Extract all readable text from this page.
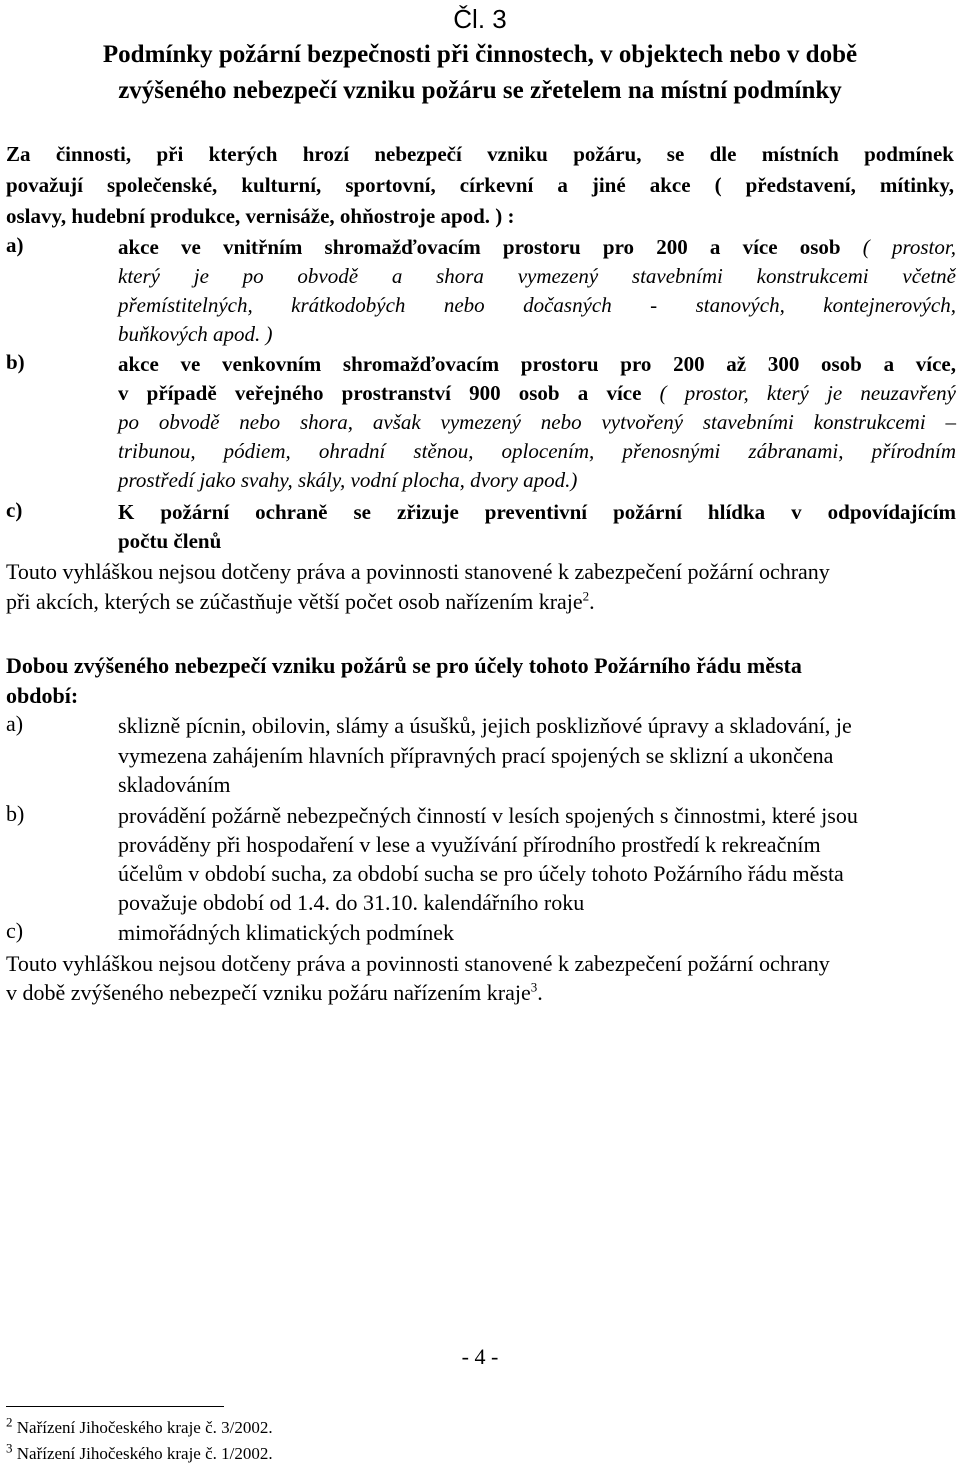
Čl. 3
Podmínky požární bezpečnosti při činnostech, v objektech nebo v době
zvýšeného nebezpečí vzniku požáru se zřetelem na místní podmínky
Za činnosti, při kterých hrozí nebezpečí vzniku požáru, se dle místních podmínek
považují společenské, kulturní, sportovní, církevní a jiné akce ( představení, mítinky,
oslavy, hudební produkce, vernisáže, ohňostroje apod. ) :
a)	akce ve vnitřním shromažďovacím prostoru pro 200 a více osob ( prostor,
který je po obvodě a shora vymezený stavebními konstrukcemi včetně
přemístitelných, krátkodobých nebo dočasných - stanových, kontejnerových,
buňkových apod. )
b)	akce ve venkovním shromažďovacím prostoru pro 200 až 300 osob a více,
v případě veřejného prostranství 900 osob a více ( prostor, který je neuzavřený
po obvodě nebo shora, avšak vymezený nebo vytvořený stavebními konstrukcemi –
tribunou, pódiem, ohradní stěnou, oplocením, přenosnými zábranami, přírodním
prostředí jako svahy, skály, vodní plocha, dvory apod.)
c)	K požární ochraně se zřizuje preventivní požární hlídka v odpovídajícím
počtu členů
Touto vyhláškou nejsou dotčeny práva a povinnosti stanovené k zabezpečení požární ochrany
při akcích, kterých se zúčastňuje větší počet osob nařízením kraje$^2$.
Dobou zvýšeného nebezpečí vzniku požárů se pro účely tohoto Požárního řádu města
období:
a)	sklizně pícnin, obilovin, slámy a úsušků, jejich posklizňové úpravy a skladování, je
vymezena zahájením hlavních přípravných prací spojených se sklizní a ukončena
skladováním
b)	provádění požárně nebezpečných činností v lesích spojených s činnostmi, které jsou
prováděny při hospodaření v lese a využívání přírodního prostředí k rekreačním
účelům v období sucha, za období sucha se pro účely tohoto Požárního řádu města
považuje období od 1.4. do 31.10. kalendářního roku
c)	mimořádných klimatických podmínek
Touto vyhláškou nejsou dotčeny práva a povinnosti stanovené k zabezpečení požární ochrany
v době zvýšeného nebezpečí vzniku požáru nařízením kraje$^3$.
- 4 -
$^2$ Nařízení Jihočeského kraje č. 3/2002.
$^3$ Nařízení Jihočeského kraje č. 1/2002.
